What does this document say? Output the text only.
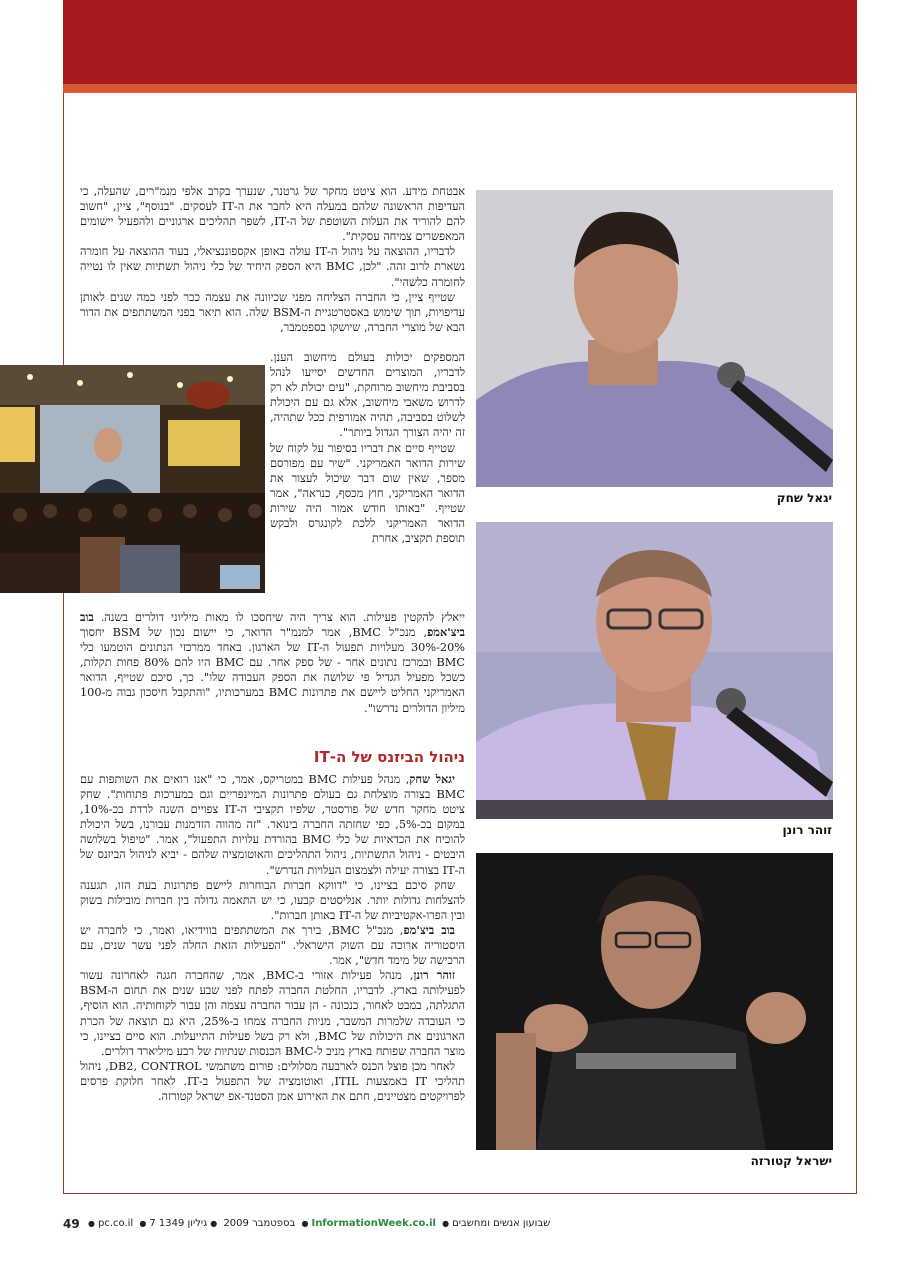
יגאל שחק
זוהר רונן
ישראל קטורזה

אבטחת מידע. הוא ציטט מחקר של גרטנר, שנערך בקרב אלפי מנמ"רים, שהעלה, כי העדיפות הראשונה שלהם במעלה היא לחבר את ה-IT לעסקים. "בנוסף", ציין, "חשוב להם להוריד את העלות השוטפת של ה-IT, לשפר תהליכים ארגוניים ולהפעיל יישומים המאפשרים צמיחה עסקית".

לדבריו, ההוצאה על ניהול ה-IT עולה באופן אקספוננציאלי, בעוד ההוצאה על חומרה נשארת לרוב זהה. "לכן, BMC היא הספק היחיד של כלי ניהול תשתיות שאין לו נטייה לחומרה כלשהי".

שטייף ציין, כי החברה הצליחה מפני שכיוונה את עצמה ככר לפני כמה שנים לאותן עדיפויות, תוך שימוש באסטרטגיית ה-BSM שלה. הוא תיאר בפני המשתתפים את הדור הבא של מוצרי החברה, שיושקו בספטמבר,

המספקים יכולות בעולם מיחשוב הענן. לדבריו, המוצרים החדשים יסייעו לנהל בסביבת מיחשוב מרוחקת, "עים יכולת לא רק לדרוש משאבי מיחשוב, אלא גם עם היכולת לשלוט בסביבה, תהיה אמורפית ככל שתהיה, זה יהיה הצורך הגדול ביותר".

שטייף סיים את דבריו בסיפור על לקוח של שירות הדואר האמריקני. "שיר עם מפורסם מספר, שאין שום דבר שיכול לעצור את הדואר האמריקני, חוץ מכסף, כנראה", אמר שטייף. "באותו חודש אמור היה שירות הדואר האמריקני ללכת לקונגרס ולבקש תוספת תקציב, אחרת

ייאלץ להקטין פעילות. הוא צריך היה שיחסכו לו מאות מיליוני דולרים בשנה. בוב ביצ'אמפ, מנכ"ל BMC, אמר למנמ"ר הדואר, כי יישום נכון של BSM יחסוך 20%-30% מעלויות תפעול ה-IT של הארגון. באחד ממרכזי הנתונים הוטמעו כלי BMC ובמרכז נתונים אחר - של ספק אחר. עם BMC היו להם 80% פחות תקלות, כשכל מפעיל הגדיל פי שלושה את הספק העבודה שלו". כך, סיכם שטייף, הדואר האמריקני החליט ליישם את פתרונות BMC במערכותיו, "והתקבל חיסכון גבוה מ-100 מיליון הדולרים נדרשו".

ניהול הביזנס של ה-IT

יגאל שחק, מנהל פעילות BMC במטריקס, אמר, כי "אנו רואים את השותפות עם BMC בצורה מוצלחת גם בעולם פתרונות המיינפריים וגם במערכות פתוחות". שחק ציטט מחקר חדש של פורסטר, שלפיו תקציבי ה-IT צפויים השנה לרדת בכ-10%, במקום בכ-5%, כפי שחזתה החברה בינואר. "זה מהווה הזדמנות עבורנו, בשל היכולת להוכיח את הכדאיות של כלי BMC בהורדת עלויות התפעול", אמר. "טיפול בשלושה היבטים - ניהול התשתיות, ניהול התהליכים והאוטומציה שלהם - יביא לניהול הביזנס של ה-IT בצורה יעילה ולצמצום העלויות הנדרש".

שחק סיכם בציינו, כי "דווקא חברות הבוחרות ליישם פתרונות בעת הזו, תגענה להצלחות גדולות יותר. אנליסטים קבעו, כי יש התאמה גדולה בין חברות מובילות בשוק ובין הפרו-אקטיביות של ה-IT באותן חברות".

בוב ביצ'מפ, מנכ"ל BMC, בירך את המשתתפים בווידיאו, ואמר, כי לחברה יש היסטוריה ארוכה עם השוק הישראלי. "הפעילות הזאת החלה לפני עשר שנים, עם הרכישה של מימד חדש", אמר.

זוהר רונן, מנהל פעילות אזורי ב-BMC, אמר, שהחברה חגגה לאחרונה עשור לפעילותה בארץ. לדבריו, החלטת החברה לפתח לפני שבע שנים את תחום ה-BSM התגלתה, במבט לאחור, כנכונה - הן עבור החברה עצמה והן עבור לקוחותיה. הוא הוסיף, כי העובדה שלמרות המשבר, מניות החברה צמחו ב-25%, היא גם תוצאה של הכרת הארגונים את היכולות של BMC, ולא רק בשל פעילות התייעלות. הוא סיים בציינו, כי מוצר החברה שפותח בארץ מניב ל-BMC הכנסות שנתיות של רבע מיליארד דולרים.

לאחר מכן פוצל הכנס לארבעה מסלולים: פורום משתמשי DB2, CONTROL, ניהול תהליכי IT באמצעות ITIL, ואוטומציה של התפעול ב-IT. לאחר חלוקת פרסים לפרויקטים מצטיינים, חתם את האירוע אמן הסטנד-אפ ישראל קטורזה.

49	● pc.co.il ● 7 בספטמבר 2009 ●גיליון 1349	● InformationWeek.co.il ● שבועון אנשים ומחשבים
